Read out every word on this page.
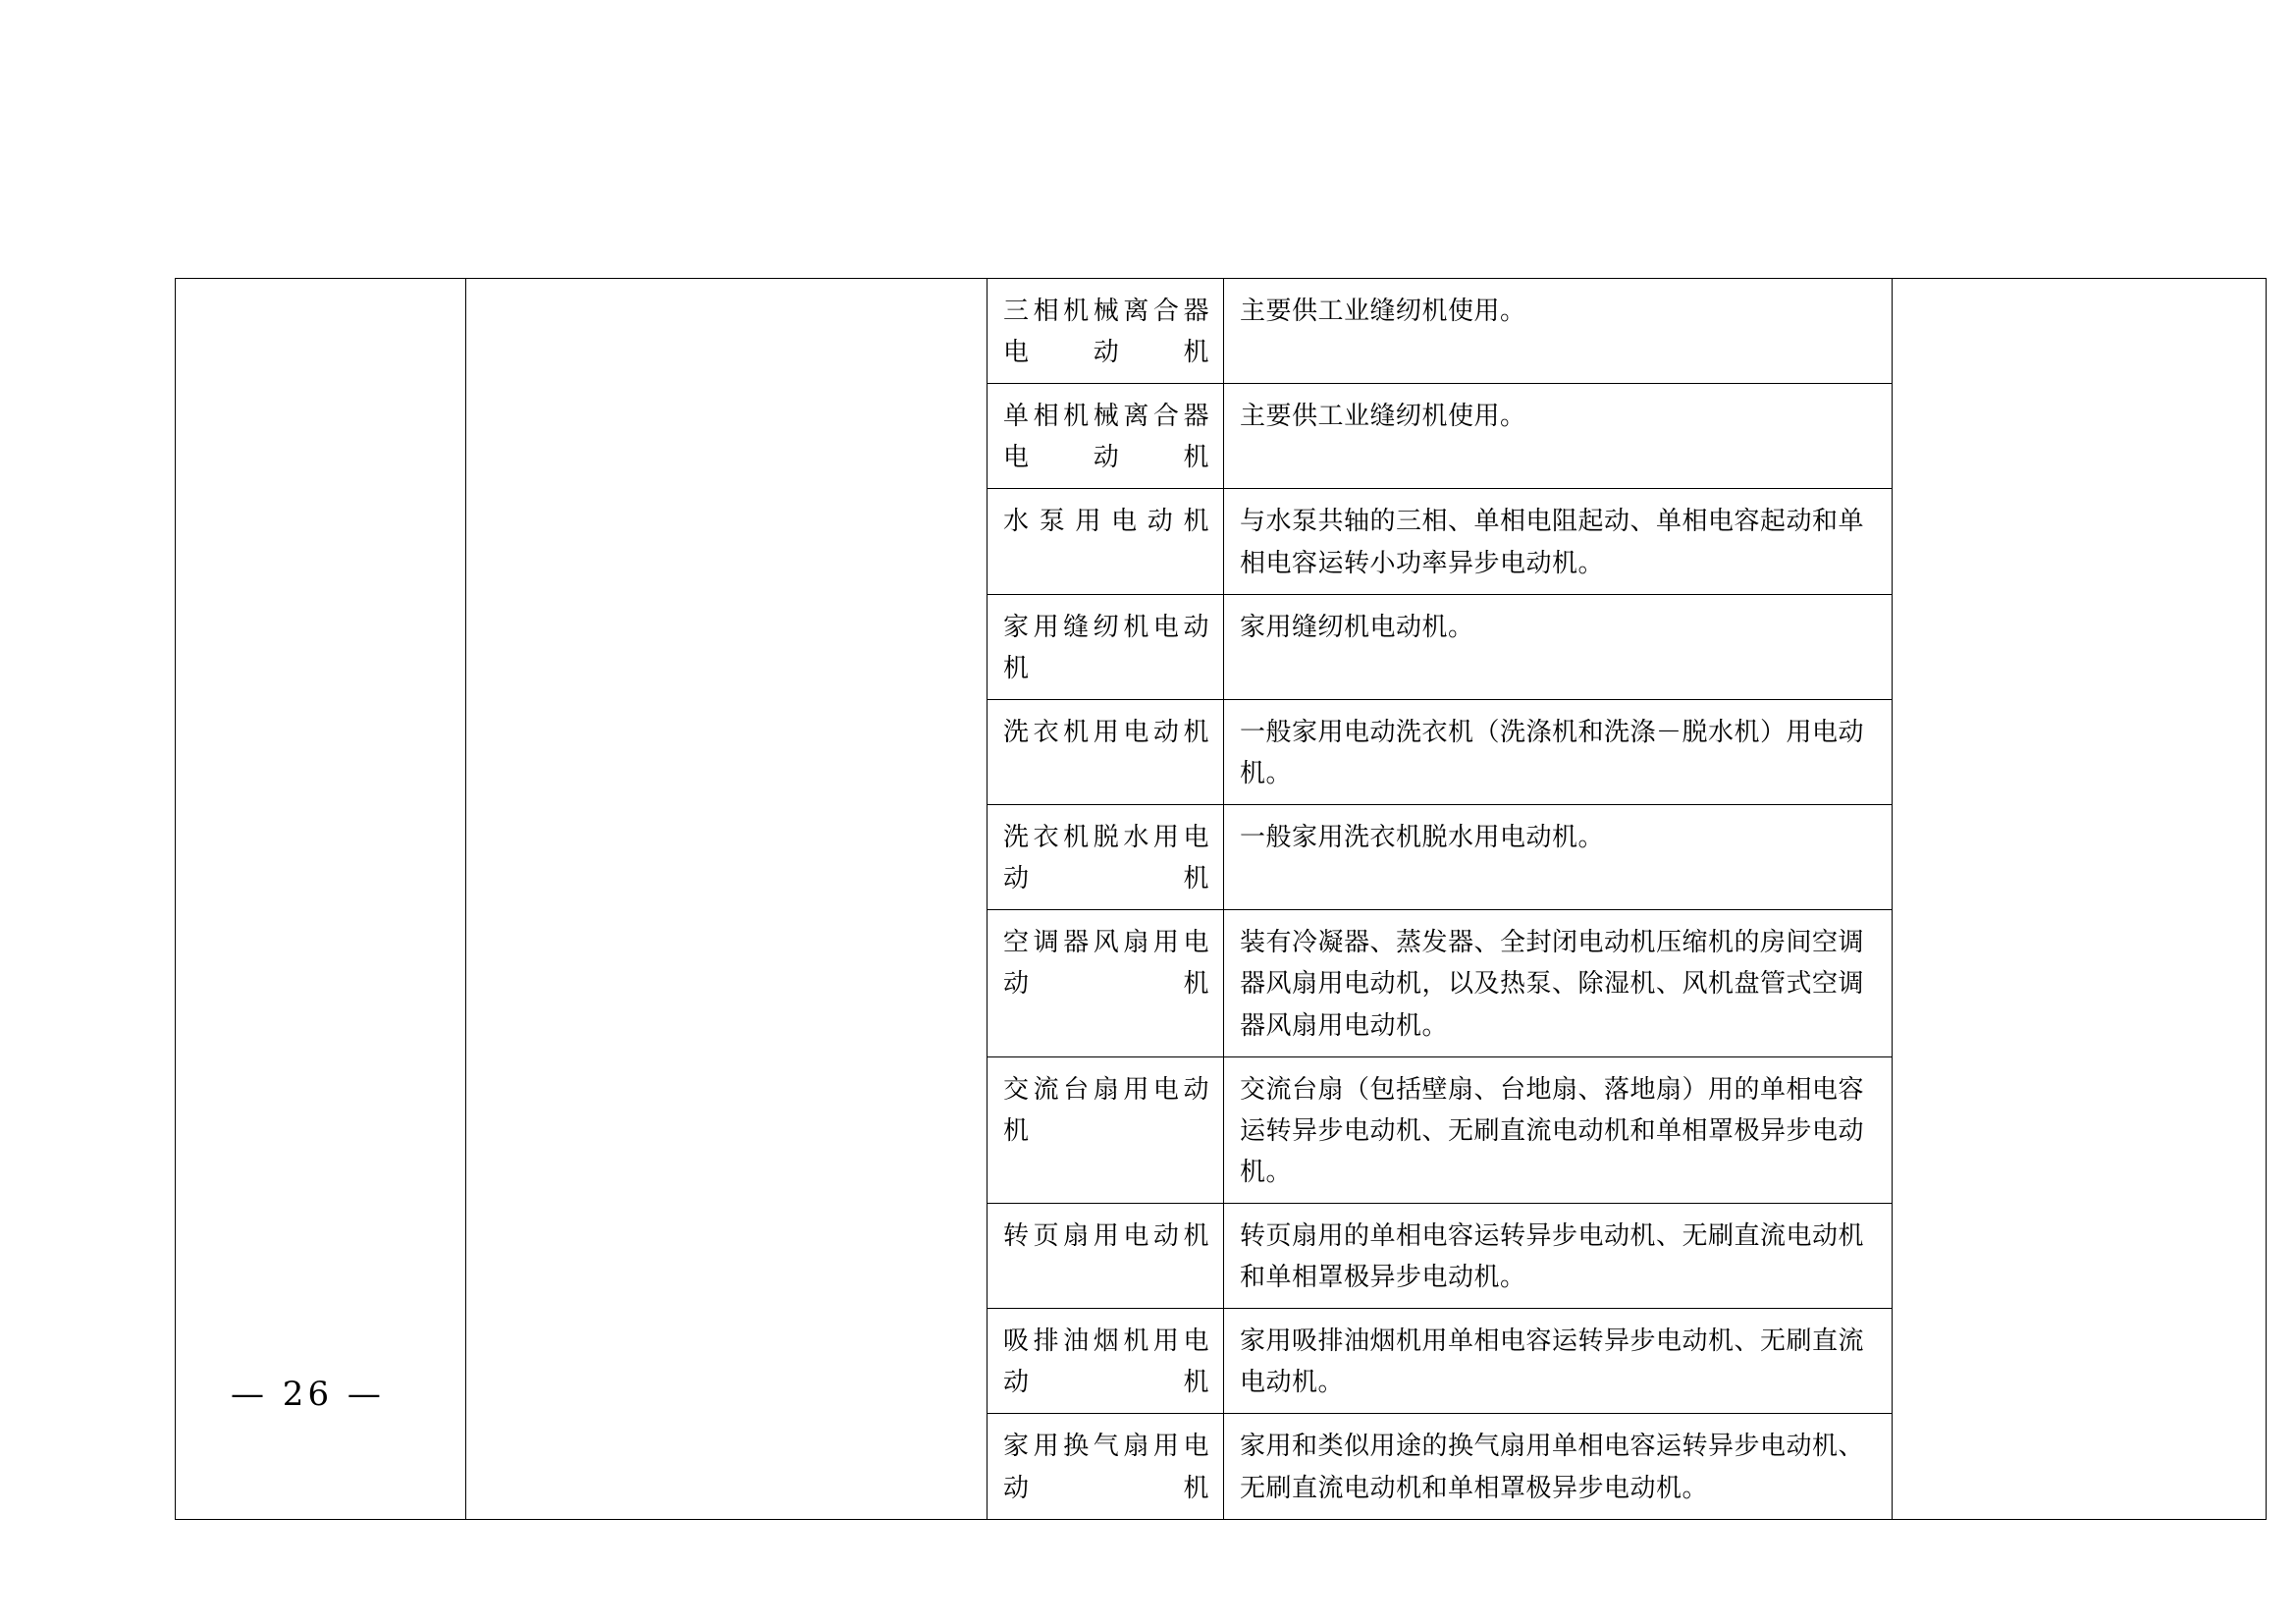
		三相机械离合器电动机	主要供工业缝纫机使用。	
		单相机械离合器电动机	主要供工业缝纫机使用。	
		水泵用电动机	与水泵共轴的三相、单相电阻起动、单相电容起动和单相电容运转小功率异步电动机。	
		家用缝纫机电动机	家用缝纫机电动机。	
		洗衣机用电动机	一般家用电动洗衣机（洗涤机和洗涤－脱水机）用电动机。	
		洗衣机脱水用电动机	一般家用洗衣机脱水用电动机。	
		空调器风扇用电动机	装有冷凝器、蒸发器、全封闭电动机压缩机的房间空调器风扇用电动机，以及热泵、除湿机、风机盘管式空调器风扇用电动机。	
		交流台扇用电动机	交流台扇（包括壁扇、台地扇、落地扇）用的单相电容运转异步电动机、无刷直流电动机和单相罩极异步电动机。	
		转页扇用电动机	转页扇用的单相电容运转异步电动机、无刷直流电动机和单相罩极异步电动机。	
		吸排油烟机用电动机	家用吸排油烟机用单相电容运转异步电动机、无刷直流电动机。	
		家用换气扇用电动机	家用和类似用途的换气扇用单相电容运转异步电动机、无刷直流电动机和单相罩极异步电动机。	
— 26 —
